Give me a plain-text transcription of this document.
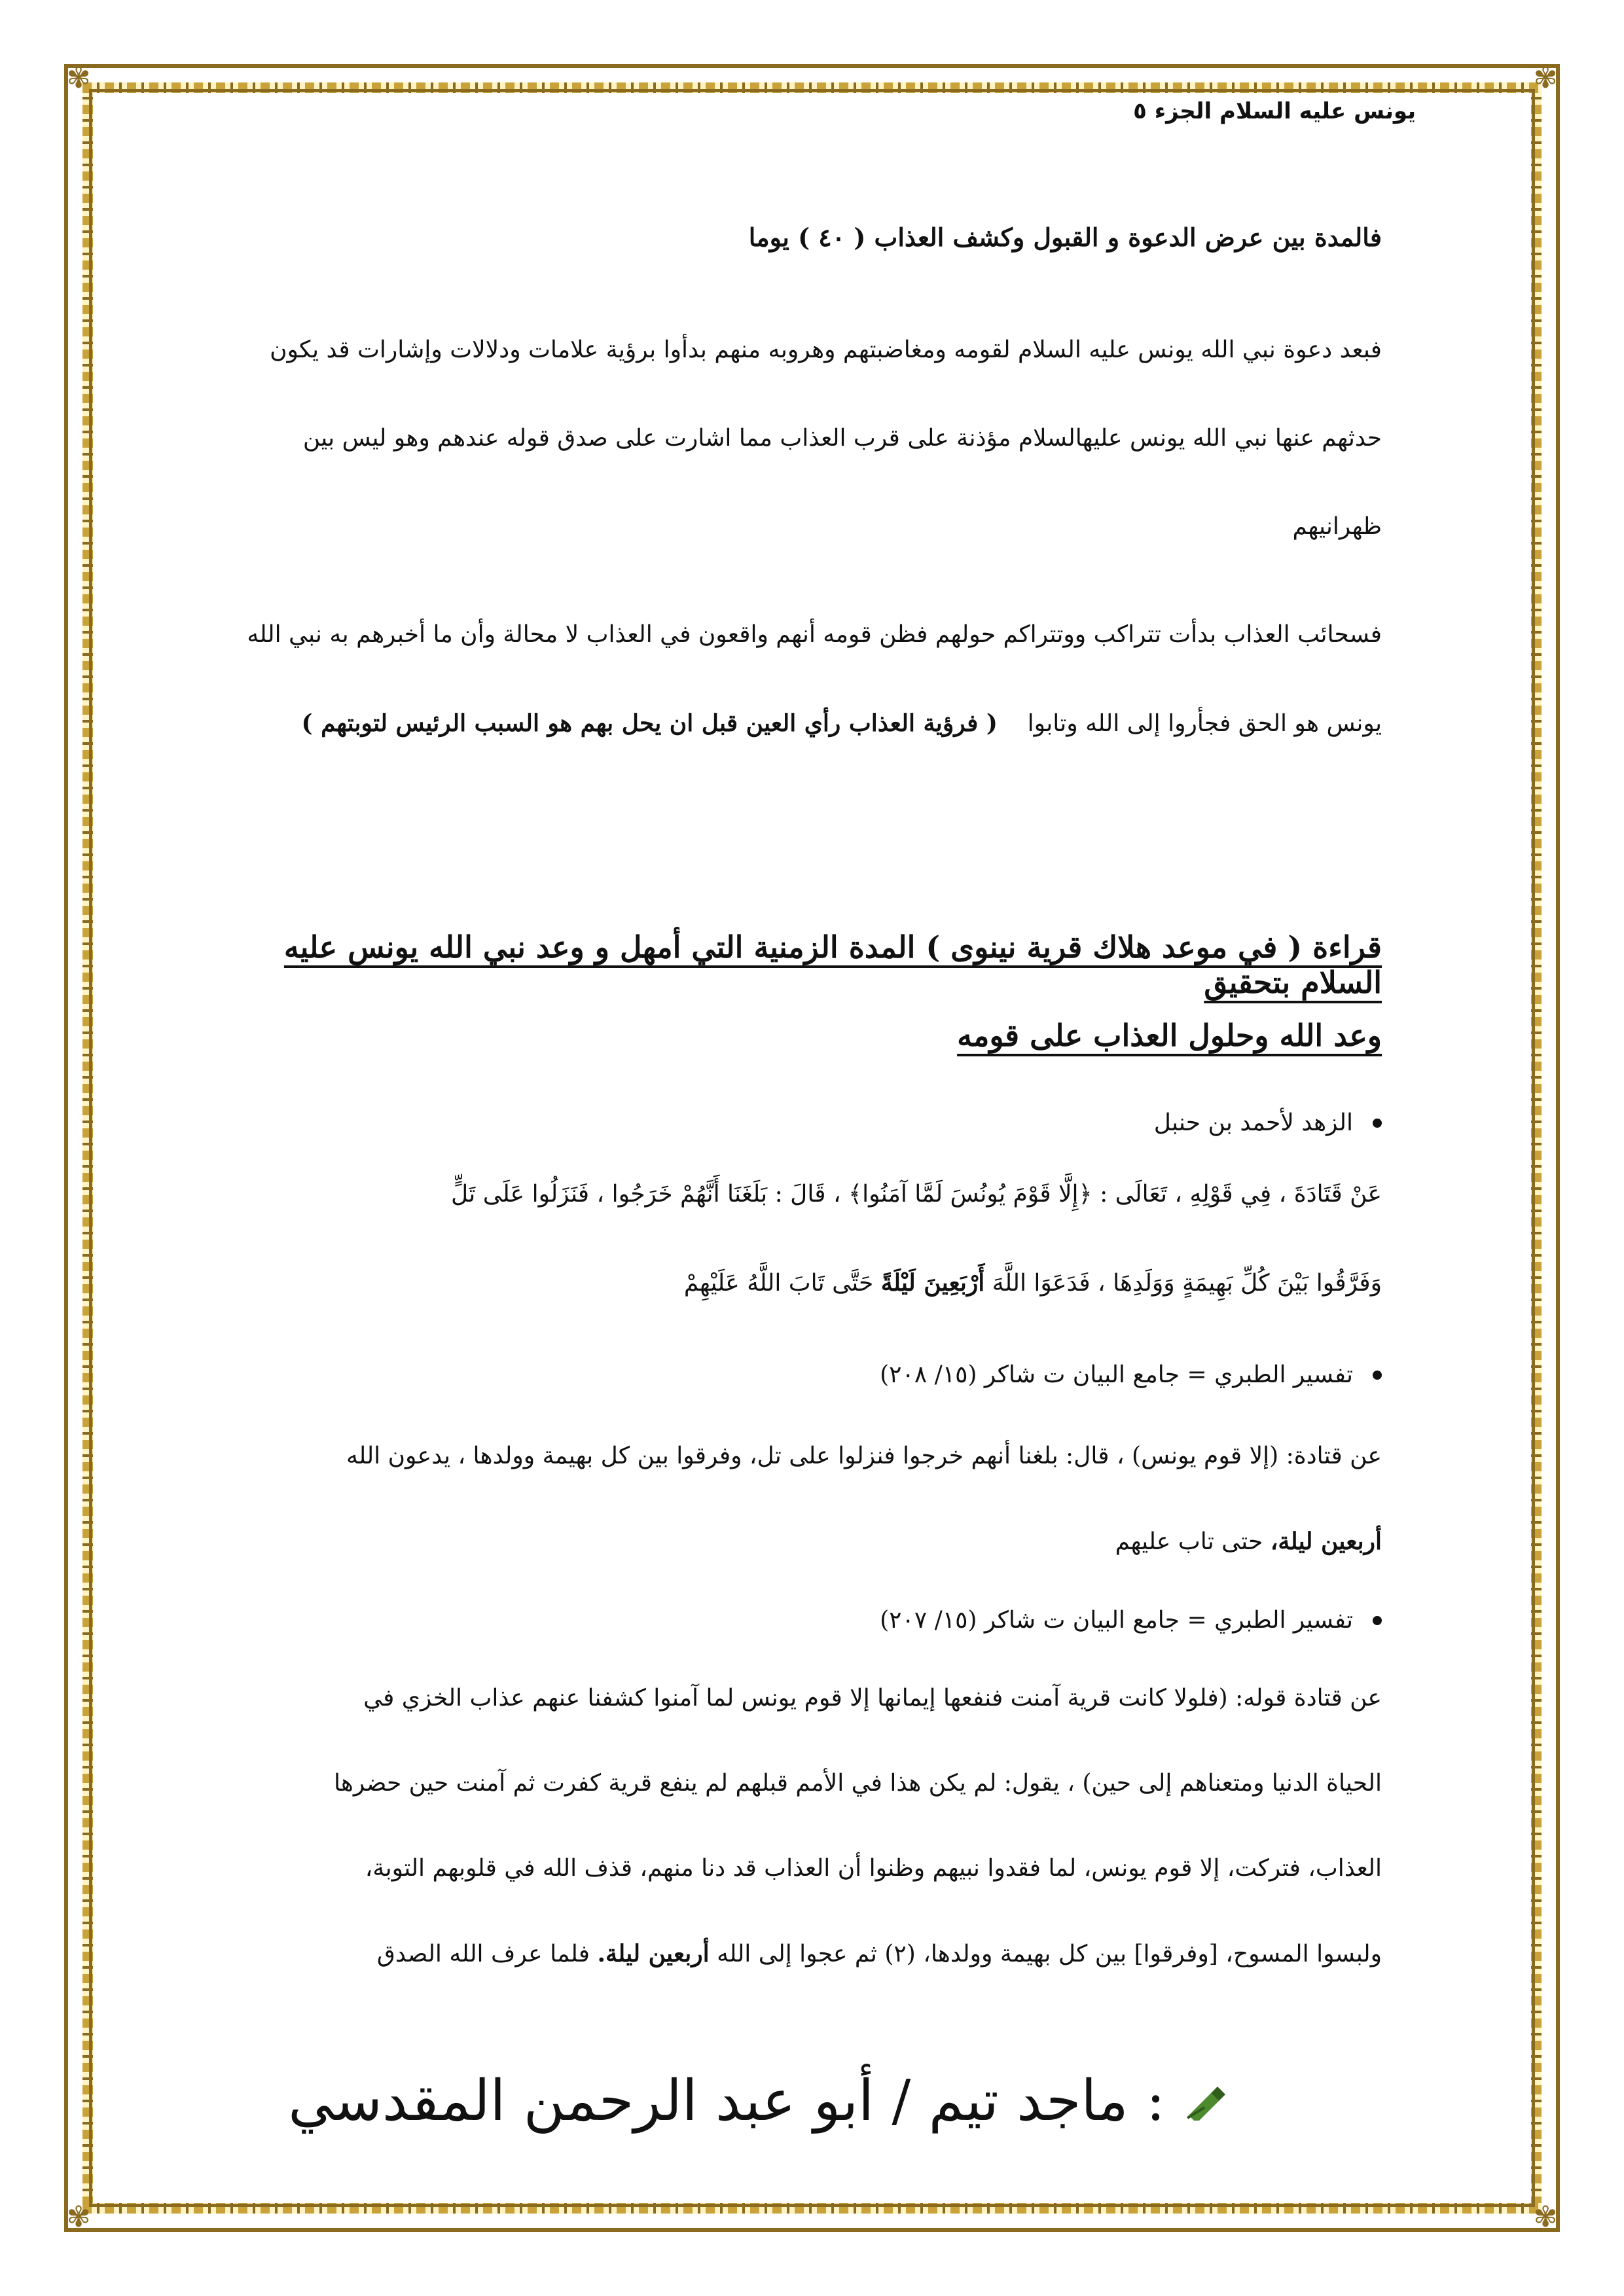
✾	✾
✾	✾
يونس عليه السلام الجزء ٥
فالمدة بين عرض الدعوة و القبول وكشف العذاب ( ٤٠ ) يوما
فبعد دعوة نبي الله يونس عليه السلام لقومه ومغاضبتهم وهروبه منهم بدأوا برؤية علامات ودلالات وإشارات قد يكون
حدثهم عنها نبي الله يونس عليهالسلام مؤذنة على قرب العذاب مما اشارت على صدق قوله عندهم وهو ليس بين
ظهرانيهم
فسحائب العذاب بدأت تتراكب ووتتراكم حولهم فظن قومه أنهم واقعون في العذاب لا محالة وأن ما أخبرهم به نبي الله
يونس هو الحق فجأروا إلى الله وتابوا    ( فرؤية العذاب رأي العين قبل ان يحل بهم هو السبب الرئيس لتوبتهم )
قراءة ( في موعد هلاك قرية نينوى ) المدة الزمنية التي أمهل و وعد نبي الله يونس عليه السلام بتحقيق
وعد الله وحلول العذاب على قومه
الزهد لأحمد بن حنبل
عَنْ قَتَادَةَ ، فِي قَوْلِهِ ، تَعَالَى : ﴿إِلَّا قَوْمَ يُونُسَ لَمَّا آمَنُوا﴾ ، قَالَ : بَلَغَنَا أَنَّهُمْ خَرَجُوا ، فَنَزَلُوا عَلَى تَلٍّ
وَفَرَّقُوا بَيْنَ كُلِّ بَهِيمَةٍ وَوَلَدِهَا ، فَدَعَوَا اللَّهَ أَرْبَعِينَ لَيْلَةً حَتَّى تَابَ اللَّهُ عَلَيْهِمْ
تفسير الطبري = جامع البيان ت شاكر (١٥/ ٢٠٨)
عن قتادة: (إلا قوم يونس) ، قال: بلغنا أنهم خرجوا فنزلوا على تل، وفرقوا بين كل بهيمة وولدها ، يدعون الله
أربعين ليلة، حتى تاب عليهم
تفسير الطبري = جامع البيان ت شاكر (١٥/ ٢٠٧)
عن قتادة قوله: (فلولا كانت قرية آمنت فنفعها إيمانها إلا قوم يونس لما آمنوا كشفنا عنهم عذاب الخزي في
الحياة الدنيا ومتعناهم إلى حين) ، يقول: لم يكن هذا في الأمم قبلهم لم ينفع قرية كفرت ثم آمنت حين حضرها
العذاب، فتركت، إلا قوم يونس، لما فقدوا نبيهم وظنوا أن العذاب قد دنا منهم، قذف الله في قلوبهم التوبة،
ولبسوا المسوح، [وفرقوا] بين كل بهيمة وولدها، (٢) ثم عجوا إلى الله أربعين ليلة. فلما عرف الله الصدق
: ماجد تيم / أبو عبد الرحمن المقدسي
